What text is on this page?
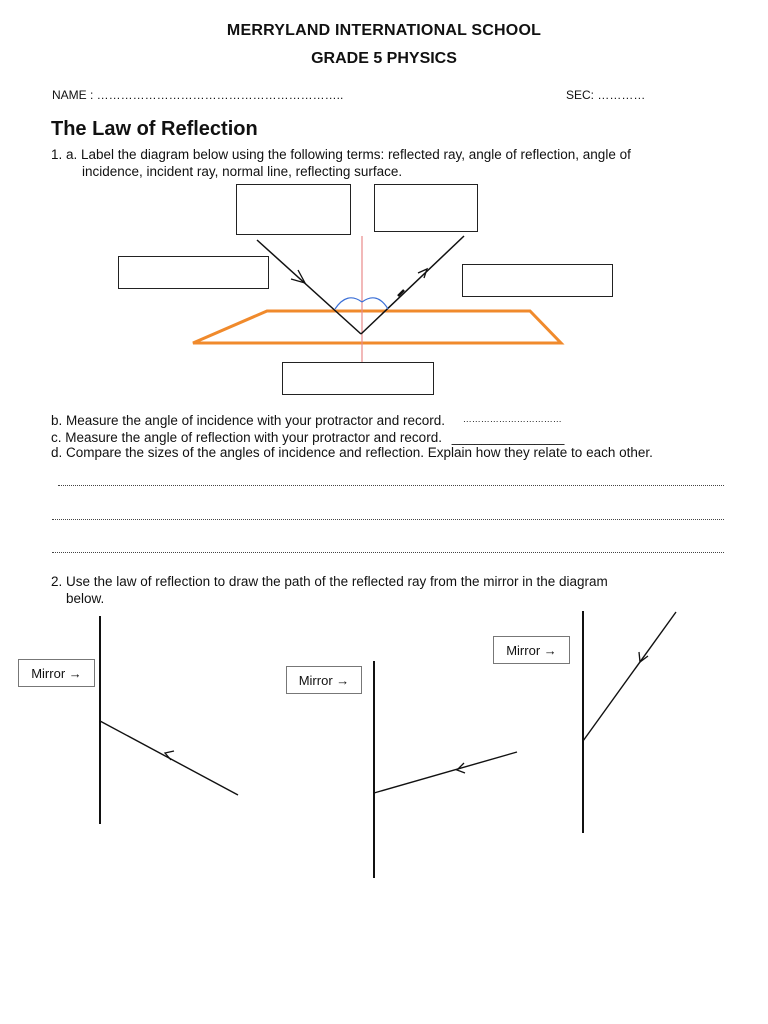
MERRYLAND INTERNATIONAL SCHOOL
GRADE 5 PHYSICS
NAME : ……………………………………………………..	SEC: …………
The Law of Reflection
1. a. Label the diagram below using the following terms: reflected ray, angle of reflection, angle of
incidence, incident ray, normal line, reflecting surface.
b. Measure the angle of incidence with your protractor and record. ……………………………
c. Measure the angle of reflection with your protractor and record. _______________
d. Compare the sizes of the angles of incidence and reflection. Explain how they relate to each other.
2. Use the law of reflection to draw the path of the reflected ray from the mirror in the diagram
below.
Mirror →	Mirror →
Mirror →
